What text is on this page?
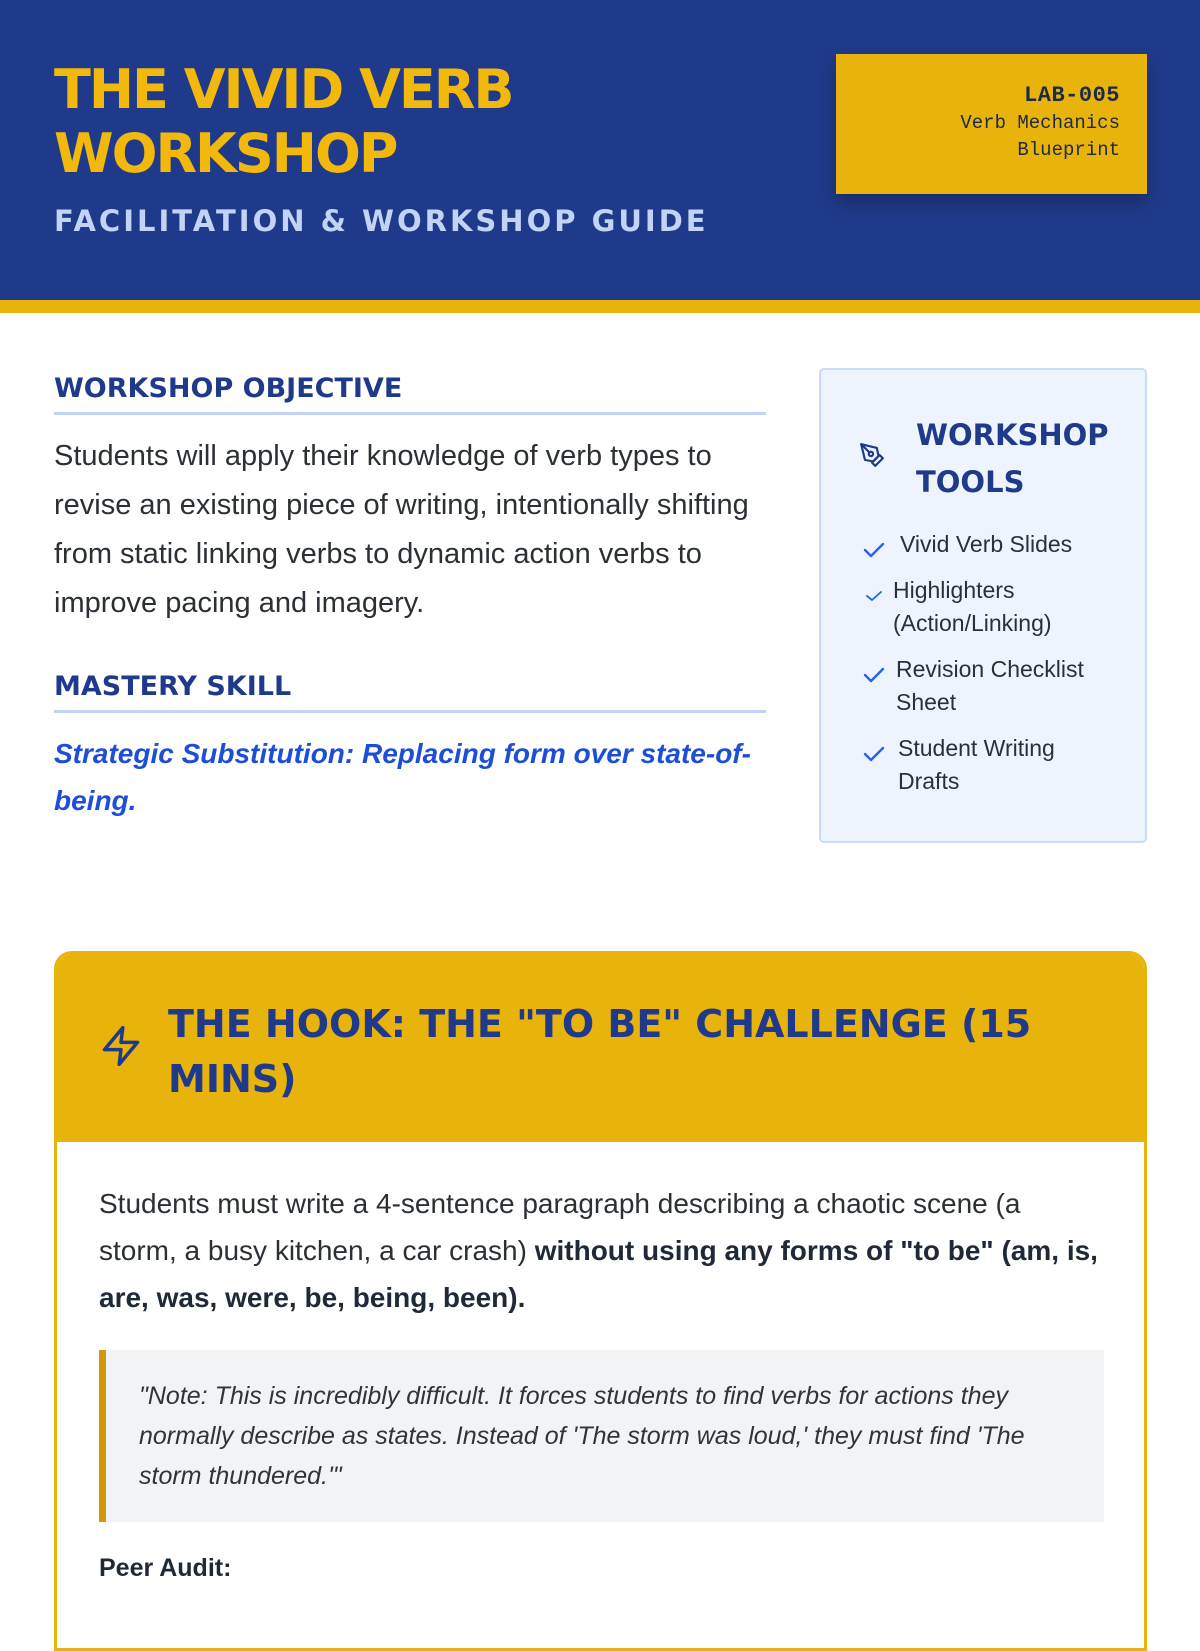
THE VIVID VERB WORKSHOP
FACILITATION & WORKSHOP GUIDE
LAB-005
Verb Mechanics
Blueprint
WORKSHOP OBJECTIVE
Students will apply their knowledge of verb types to revise an existing piece of writing, intentionally shifting from static linking verbs to dynamic action verbs to improve pacing and imagery.
MASTERY SKILL
Strategic Substitution: Replacing form over state-of-being.
WORKSHOP TOOLS
Vivid Verb Slides
Highlighters (Action/Linking)
Revision Checklist Sheet
Student Writing Drafts
THE HOOK: THE "TO BE" CHALLENGE (15 MINS)
Students must write a 4-sentence paragraph describing a chaotic scene (a storm, a busy kitchen, a car crash) without using any forms of "to be" (am, is, are, was, were, be, being, been).
"Note: This is incredibly difficult. It forces students to find verbs for actions they normally describe as states. Instead of 'The storm was loud,' they must find 'The storm thundered.'"
Peer Audit:
